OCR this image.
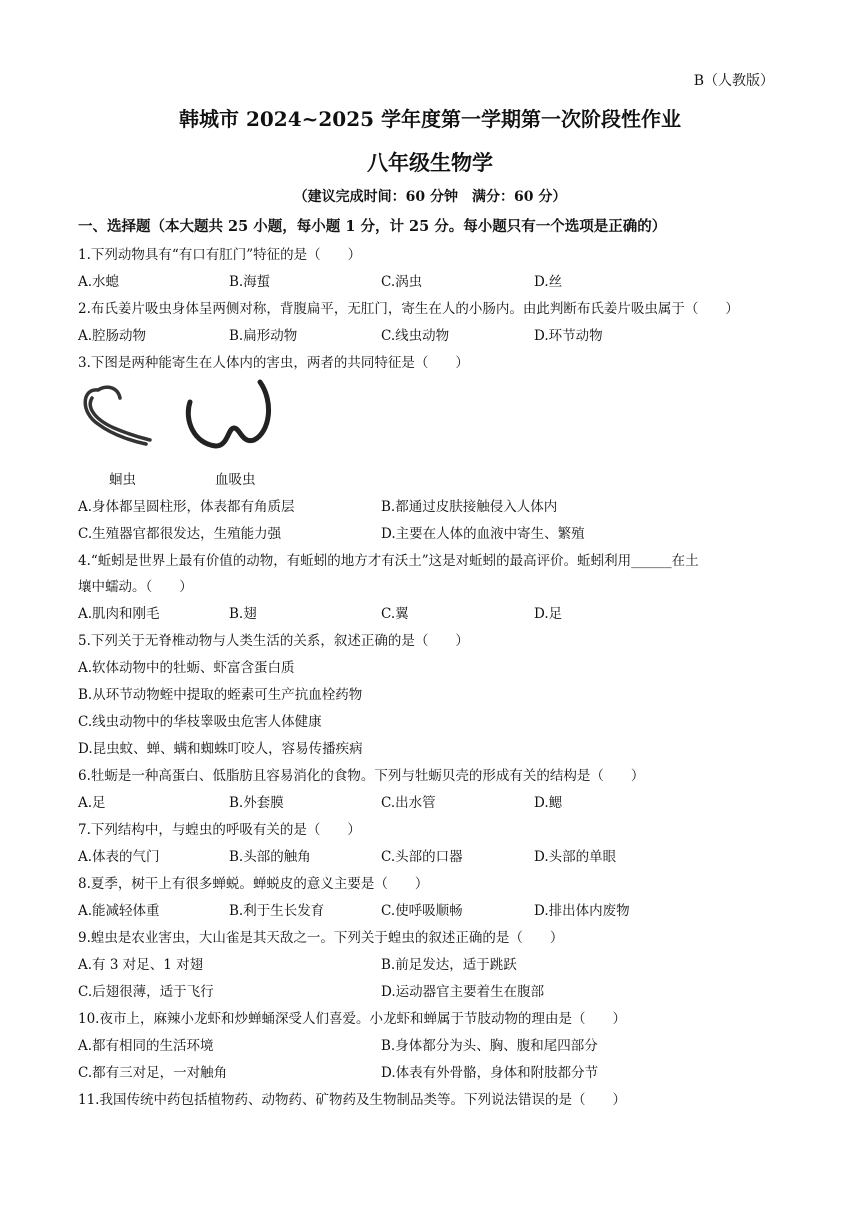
B（人教版）
韩城市 2024~2025 学年度第一学期第一次阶段性作业
八年级生物学
（建议完成时间：60 分钟　满分：60 分）
一、选择题（本大题共 25 小题，每小题 1 分，计 25 分。每小题只有一个选项是正确的）
1.下列动物具有“有口有肛门”特征的是（　　）
A.水螅	B.海蜇	C.涡虫	D.丝
2.布氏姜片吸虫身体呈两侧对称，背腹扁平，无肛门，寄生在人的小肠内。由此判断布氏姜片吸虫属于（　　）
A.腔肠动物	B.扁形动物	C.线虫动物	D.环节动物
3.下图是两种能寄生在人体内的害虫，两者的共同特征是（　　）
蛔虫	血吸虫
A.身体都呈圆柱形，体表都有角质层	B.都通过皮肤接触侵入人体内
C.生殖器官都很发达，生殖能力强	D.主要在人体的血液中寄生、繁殖
4.“蚯蚓是世界上最有价值的动物，有蚯蚓的地方才有沃土”这是对蚯蚓的最高评价。蚯蚓利用______在土
壤中蠕动。（　　）
A.肌肉和刚毛	B.翅	C.翼	D.足
5.下列关于无脊椎动物与人类生活的关系，叙述正确的是（　　）
A.软体动物中的牡蛎、虾富含蛋白质
B.从环节动物蛭中提取的蛭素可生产抗血栓药物
C.线虫动物中的华枝睾吸虫危害人体健康
D.昆虫蚊、蝉、螨和蜘蛛叮咬人，容易传播疾病
6.牡蛎是一种高蛋白、低脂肪且容易消化的食物。下列与牡蛎贝壳的形成有关的结构是（　　）
A.足	B.外套膜	C.出水管	D.鳃
7.下列结构中，与蝗虫的呼吸有关的是（　　）
A.体表的气门	B.头部的触角	C.头部的口器	D.头部的单眼
8.夏季，树干上有很多蝉蜕。蝉蜕皮的意义主要是（　　）
A.能减轻体重	B.利于生长发育	C.使呼吸顺畅	D.排出体内废物
9.蝗虫是农业害虫，大山雀是其天敌之一。下列关于蝗虫的叙述正确的是（　　）
A.有 3 对足、1 对翅	B.前足发达，适于跳跃
C.后翅很薄，适于飞行	D.运动器官主要着生在腹部
10.夜市上，麻辣小龙虾和炒蝉蛹深受人们喜爱。小龙虾和蝉属于节肢动物的理由是（　　）
A.都有相同的生活环境	B.身体都分为头、胸、腹和尾四部分
C.都有三对足，一对触角	D.体表有外骨骼，身体和附肢都分节
11.我国传统中药包括植物药、动物药、矿物药及生物制品类等。下列说法错误的是（　　）
